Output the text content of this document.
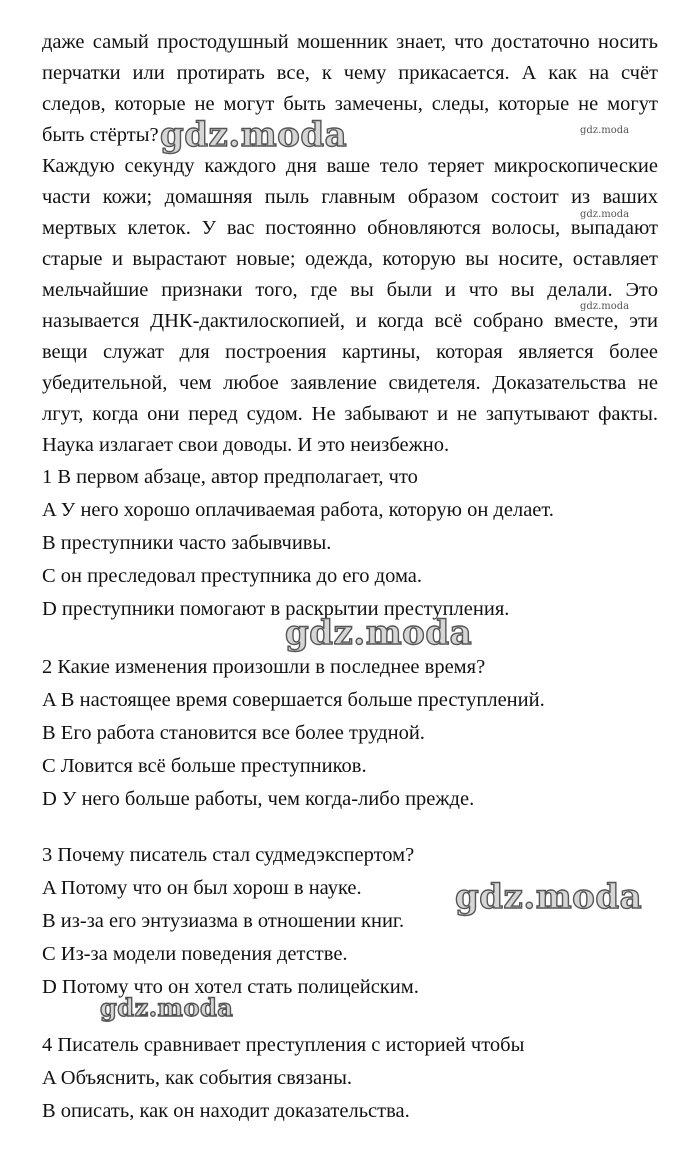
даже самый простодушный мошенник знает, что достаточно носить
перчатки или протирать все, к чему прикасается. А как на счёт
следов, которые не могут быть замечены, следы, которые не могут
быть стёрты?
Каждую секунду каждого дня ваше тело теряет микроскопические
части кожи; домашняя пыль главным образом состоит из ваших
мертвых клеток. У вас постоянно обновляются волосы, выпадают
старые и вырастают новые; одежда, которую вы носите, оставляет
мельчайшие признаки того, где вы были и что вы делали. Это
называется ДНК-дактилоскопией, и когда всё собрано вместе, эти
вещи служат для построения картины, которая является более
убедительной, чем любое заявление свидетеля. Доказательства не
лгут, когда они перед судом. Не забывают и не запутывают факты.
Наука излагает свои доводы. И это неизбежно.
1 В первом абзаце, автор предполагает, что
A У него хорошо оплачиваемая работа, которую он делает.
B преступники часто забывчивы.
C он преследовал преступника до его дома.
D преступники помогают в раскрытии преступления.
2 Какие изменения произошли в последнее время?
A В настоящее время совершается больше преступлений.
B Его работа становится все более трудной.
C Ловится всё больше преступников.
D У него больше работы, чем когда-либо прежде.
3 Почему писатель стал судмедэкспертом?
A Потому что он был хорош в науке.
B из-за его энтузиазма в отношении книг.
C Из-за модели поведения детстве.
D Потому что он хотел стать полицейским.
4 Писатель сравнивает преступления с историей чтобы
A Объяснить, как события связаны.
B описать, как он находит доказательства.
gdz.moda	gdz.moda
gdz.moda
gdz.moda
gdz.moda
gdz.moda
gdz.moda
